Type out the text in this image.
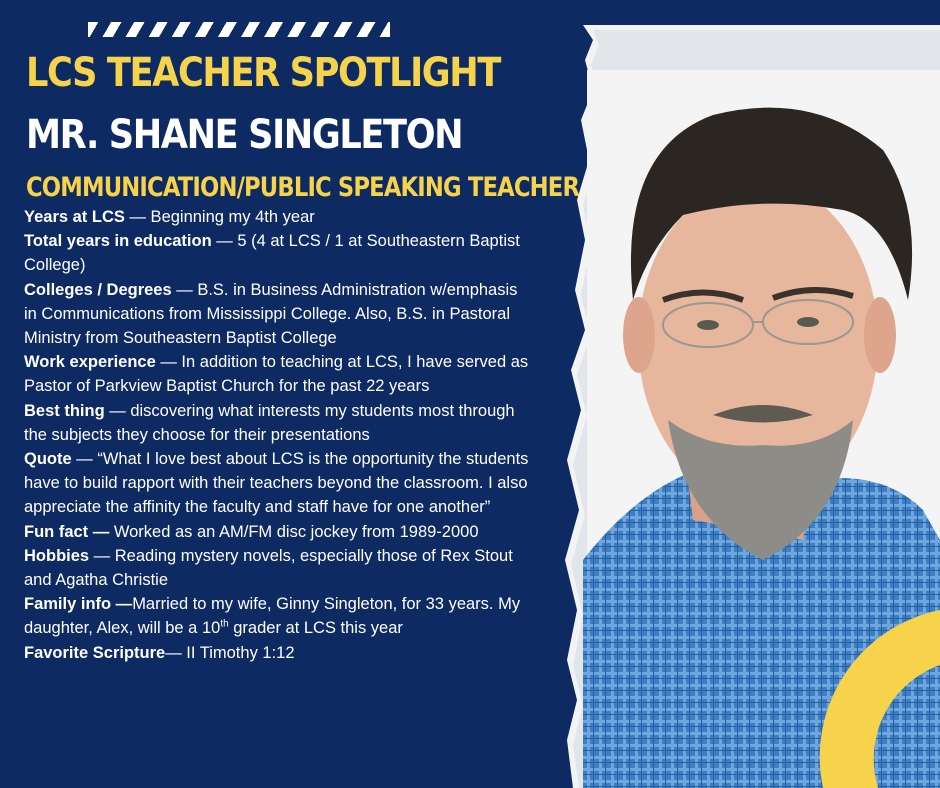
LCS TEACHER SPOTLIGHT
MR. SHANE SINGLETON
COMMUNICATION/PUBLIC SPEAKING TEACHER

Years at LCS — Beginning my 4th year

Total years in education — 5 (4 at LCS / 1 at Southeastern Baptist College)

Colleges / Degrees — B.S. in Business Administration w/emphasis in Communications from Mississippi College. Also, B.S. in Pastoral Ministry from Southeastern Baptist College

Work experience — In addition to teaching at LCS, I have served as Pastor of Parkview Baptist Church for the past 22 years

Best thing — discovering what interests my students most through the subjects they choose for their presentations

Quote — “What I love best about LCS is the opportunity the students have to build rapport with their teachers beyond the classroom. I also appreciate the affinity the faculty and staff have for one another”

Fun fact — Worked as an AM/FM disc jockey from 1989-2000

Hobbies — Reading mystery novels, especially those of Rex Stout and Agatha Christie

Family info —Married to my wife, Ginny Singleton, for 33 years. My daughter, Alex, will be a 10th grader at LCS this year

Favorite Scripture— II Timothy 1:12
